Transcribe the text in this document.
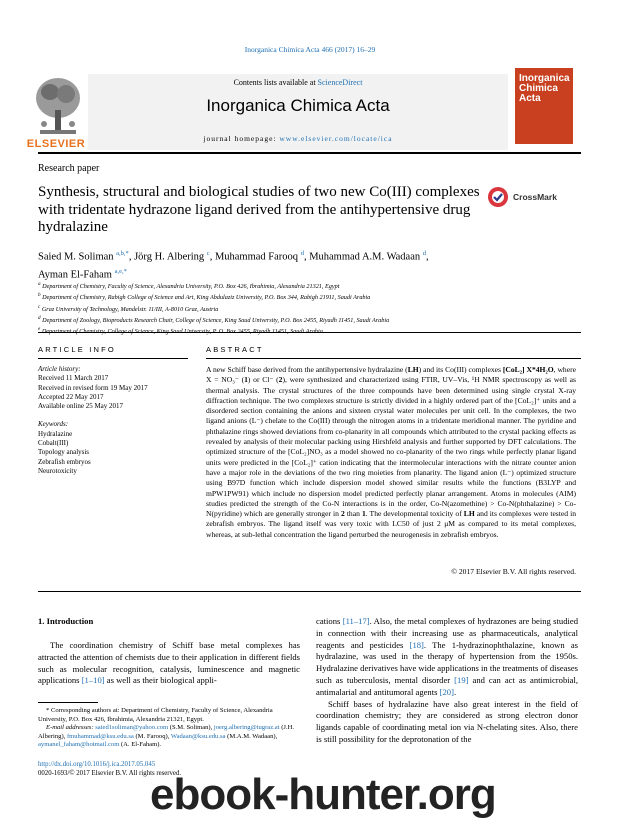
Inorganica Chimica Acta 466 (2017) 16–29
ELSEVIER
Contents lists available at ScienceDirect
Inorganica Chimica Acta
journal homepage: www.elsevier.com/locate/ica
Inorganica Chimica Acta
Research paper
Synthesis, structural and biological studies of two new Co(III) complexes with tridentate hydrazone ligand derived from the antihypertensive drug hydralazine
CrossMark
Saied M. Soliman $^{a,b,*}$, Jörg H. Albering $^c$, Muhammad Farooq $^d$, Muhammad A.M. Wadaan $^d$,
Ayman El-Faham $^{a,e,*}$
$^a$ Department of Chemistry, Faculty of Science, Alexandria University, P.O. Box 426, Ibrahimia, Alexandria 21321, Egypt
$^b$ Department of Chemistry, Rabigh College of Science and Art, King Abdulaziz University, P.O. Box 344, Rabigh 21911, Saudi Arabia
$^c$ Graz University of Technology, Mandelstr. 11/III, A-8010 Graz, Austria
$^d$ Department of Zoology, Bioproducts Research Chair, College of Science, King Saud University, P.O. Box 2455, Riyadh 11451, Saudi Arabia
$^e$ Department of Chemistry, College of Science, King Saud University, P. O. Box 2455, Riyadh 11451, Saudi Arabia
ARTICLE INFO	ABSTRACT
Article history:
Received 11 March 2017
Received in revised form 19 May 2017
Accepted 22 May 2017
Available online 25 May 2017
Keywords:
Hydralazine
Cobalt(III)
Topology analysis
Zebrafish embryos
Neurotoxicity
A new Schiff base derived from the antihypertensive hydralazine (LH) and its Co(III) complexes [CoL₂] X*4H₂O, where X = NO₃⁻ (1) or Cl⁻ (2), were synthesized and characterized using FTIR, UV–Vis, ¹H NMR spectroscopy as well as thermal analysis. The crystal structures of the three compounds have been determined using single crystal X-ray diffraction technique. The two complexes structure is strictly divided in a highly ordered part of the [CoL₂]⁺ units and a disordered section containing the anions and sixteen crystal water molecules per unit cell. In the complexes, the two ligand anions (L⁻) chelate to the Co(III) through the nitrogen atoms in a tridentate meridional manner. The pyridine and phthalazine rings showed deviations from co-planarity in all compounds which attributed to the crystal packing effects as revealed by analysis of their molecular packing using Hirshfeld analysis and further supported by DFT calculations. The optimized structure of the [CoL₂]NO₃ as a model showed no co-planarity of the two rings while perfectly planar ligand units were predicted in the [CoL₂]⁺ cation indicating that the intermolecular interactions with the nitrate counter anion have a major role in the deviations of the two ring moieties from planarity. The ligand anion (L⁻) optimized structure using B97D function which include dispersion model showed similar results while the functions (B3LYP and mPW1PW91) which include no dispersion model predicted perfectly planar arrangement. Atoms in molecules (AIM) studies predicted the strength of the Co-N interactions is in the order, Co-N(azomethine) > Co-N(phthalazine) > Co-N(pyridine) which are generally stronger in 2 than 1. The developmental toxicity of LH and its complexes were tested in zebrafish embryos. The ligand itself was very toxic with LC50 of just 2 μM as compared to its metal complexes, whereas, at sub-lethal concentration the ligand perturbed the neurogenesis in zebrafish embryos.
© 2017 Elsevier B.V. All rights reserved.
1. Introduction
The coordination chemistry of Schiff base metal complexes has attracted the attention of chemists due to their application in different fields such as molecular recognition, catalysis, luminescence and magnetic applications [1–10] as well as their biological appli-
cations [11–17]. Also, the metal complexes of hydrazones are being studied in connection with their increasing use as pharmaceuticals, analytical reagents and pesticides [18]. The 1-hydrazinophthalazine, known as hydralazine, was used in the therapy of hypertension from the 1950s. Hydralazine derivatives have wide applications in the treatments of diseases such as tuberculosis, mental disorder [19] and can act as antimicrobial, antimalarial and antitumoral agents [20].
Schiff bases of hydralazine have also great interest in the field of coordination chemistry; they are considered as strong electron donor ligands capable of coordinating metal ion via N-chelating sites. Also, there is still possibility for the deprotonation of the
* Corresponding authors at: Department of Chemistry, Faculty of Science, Alexandria University, P.O. Box 426, Ibrahimia, Alexandria 21321, Egypt.
E-mail addresses: saied1soliman@yahoo.com (S.M. Soliman), joerg.albering@tugraz.at (J.H. Albering), fmuhammad@ksu.edu.sa (M. Farooq), Wadaan@ksu.edu.sa (M.A.M. Wadaan), aymanel_faham@hotmail.com (A. El-Faham).
http://dx.doi.org/10.1016/j.ica.2017.05.045
0020-1693/© 2017 Elsevier B.V. All rights reserved.
ebook-hunter.org
